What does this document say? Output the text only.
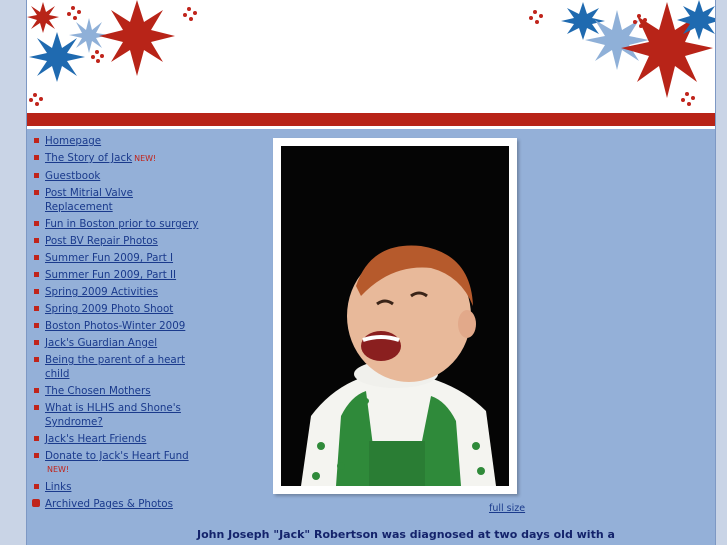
Homepage
The Story of Jack NEW!
Guestbook
Post Mitrial Valve Replacement
Fun in Boston prior to surgery
Post BV Repair Photos
Summer Fun 2009, Part I
Summer Fun 2009, Part II
Spring 2009 Activities
Spring 2009 Photo Shoot
Boston Photos-Winter 2009
Jack's Guardian Angel
Being the parent of a heart child
The Chosen Mothers
What is HLHS and Shone's Syndrome?
Jack's Heart Friends
Donate to Jack's Heart Fund
NEW!
Links
Archived Pages & Photos	full size
John Joseph "Jack" Robertson was diagnosed at two days old with a
